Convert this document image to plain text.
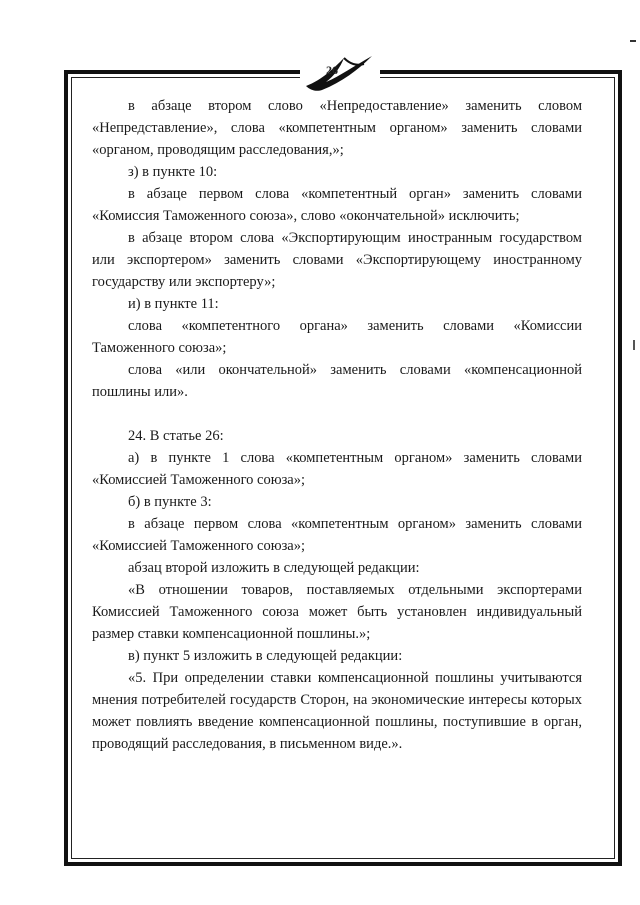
26

в абзаце втором слово «Непредоставление» заменить словом «Непредставление», слова «компетентным органом» заменить словами «органом, проводящим расследования,»;

з) в пункте 10:

в абзаце первом слова «компетентный орган» заменить словами «Комиссия Таможенного союза», слово «окончательной» исключить;

в абзаце втором слова «Экспортирующим иностранным государством или экспортером» заменить словами «Экспортирующему иностранному государству или экспортеру»;

и) в пункте 11:

слова «компетентного органа» заменить словами «Комиссии Таможенного союза»;

слова «или окончательной» заменить словами «компенсационной пошлины или».

24. В статье 26:

а) в пункте 1 слова «компетентным органом» заменить словами «Комиссией Таможенного союза»;

б) в пункте 3:

в абзаце первом слова «компетентным органом» заменить словами «Комиссией Таможенного союза»;

абзац второй изложить в следующей редакции:

«В отношении товаров, поставляемых отдельными экспортерами Комиссией Таможенного союза может быть установлен индивидуальный размер ставки компенсационной пошлины.»;

в) пункт 5 изложить в следующей редакции:

«5. При определении ставки компенсационной пошлины учитываются мнения потребителей государств Сторон, на экономические интересы которых может повлиять введение компенсационной пошлины, поступившие в орган, проводящий расследования, в письменном виде.».
